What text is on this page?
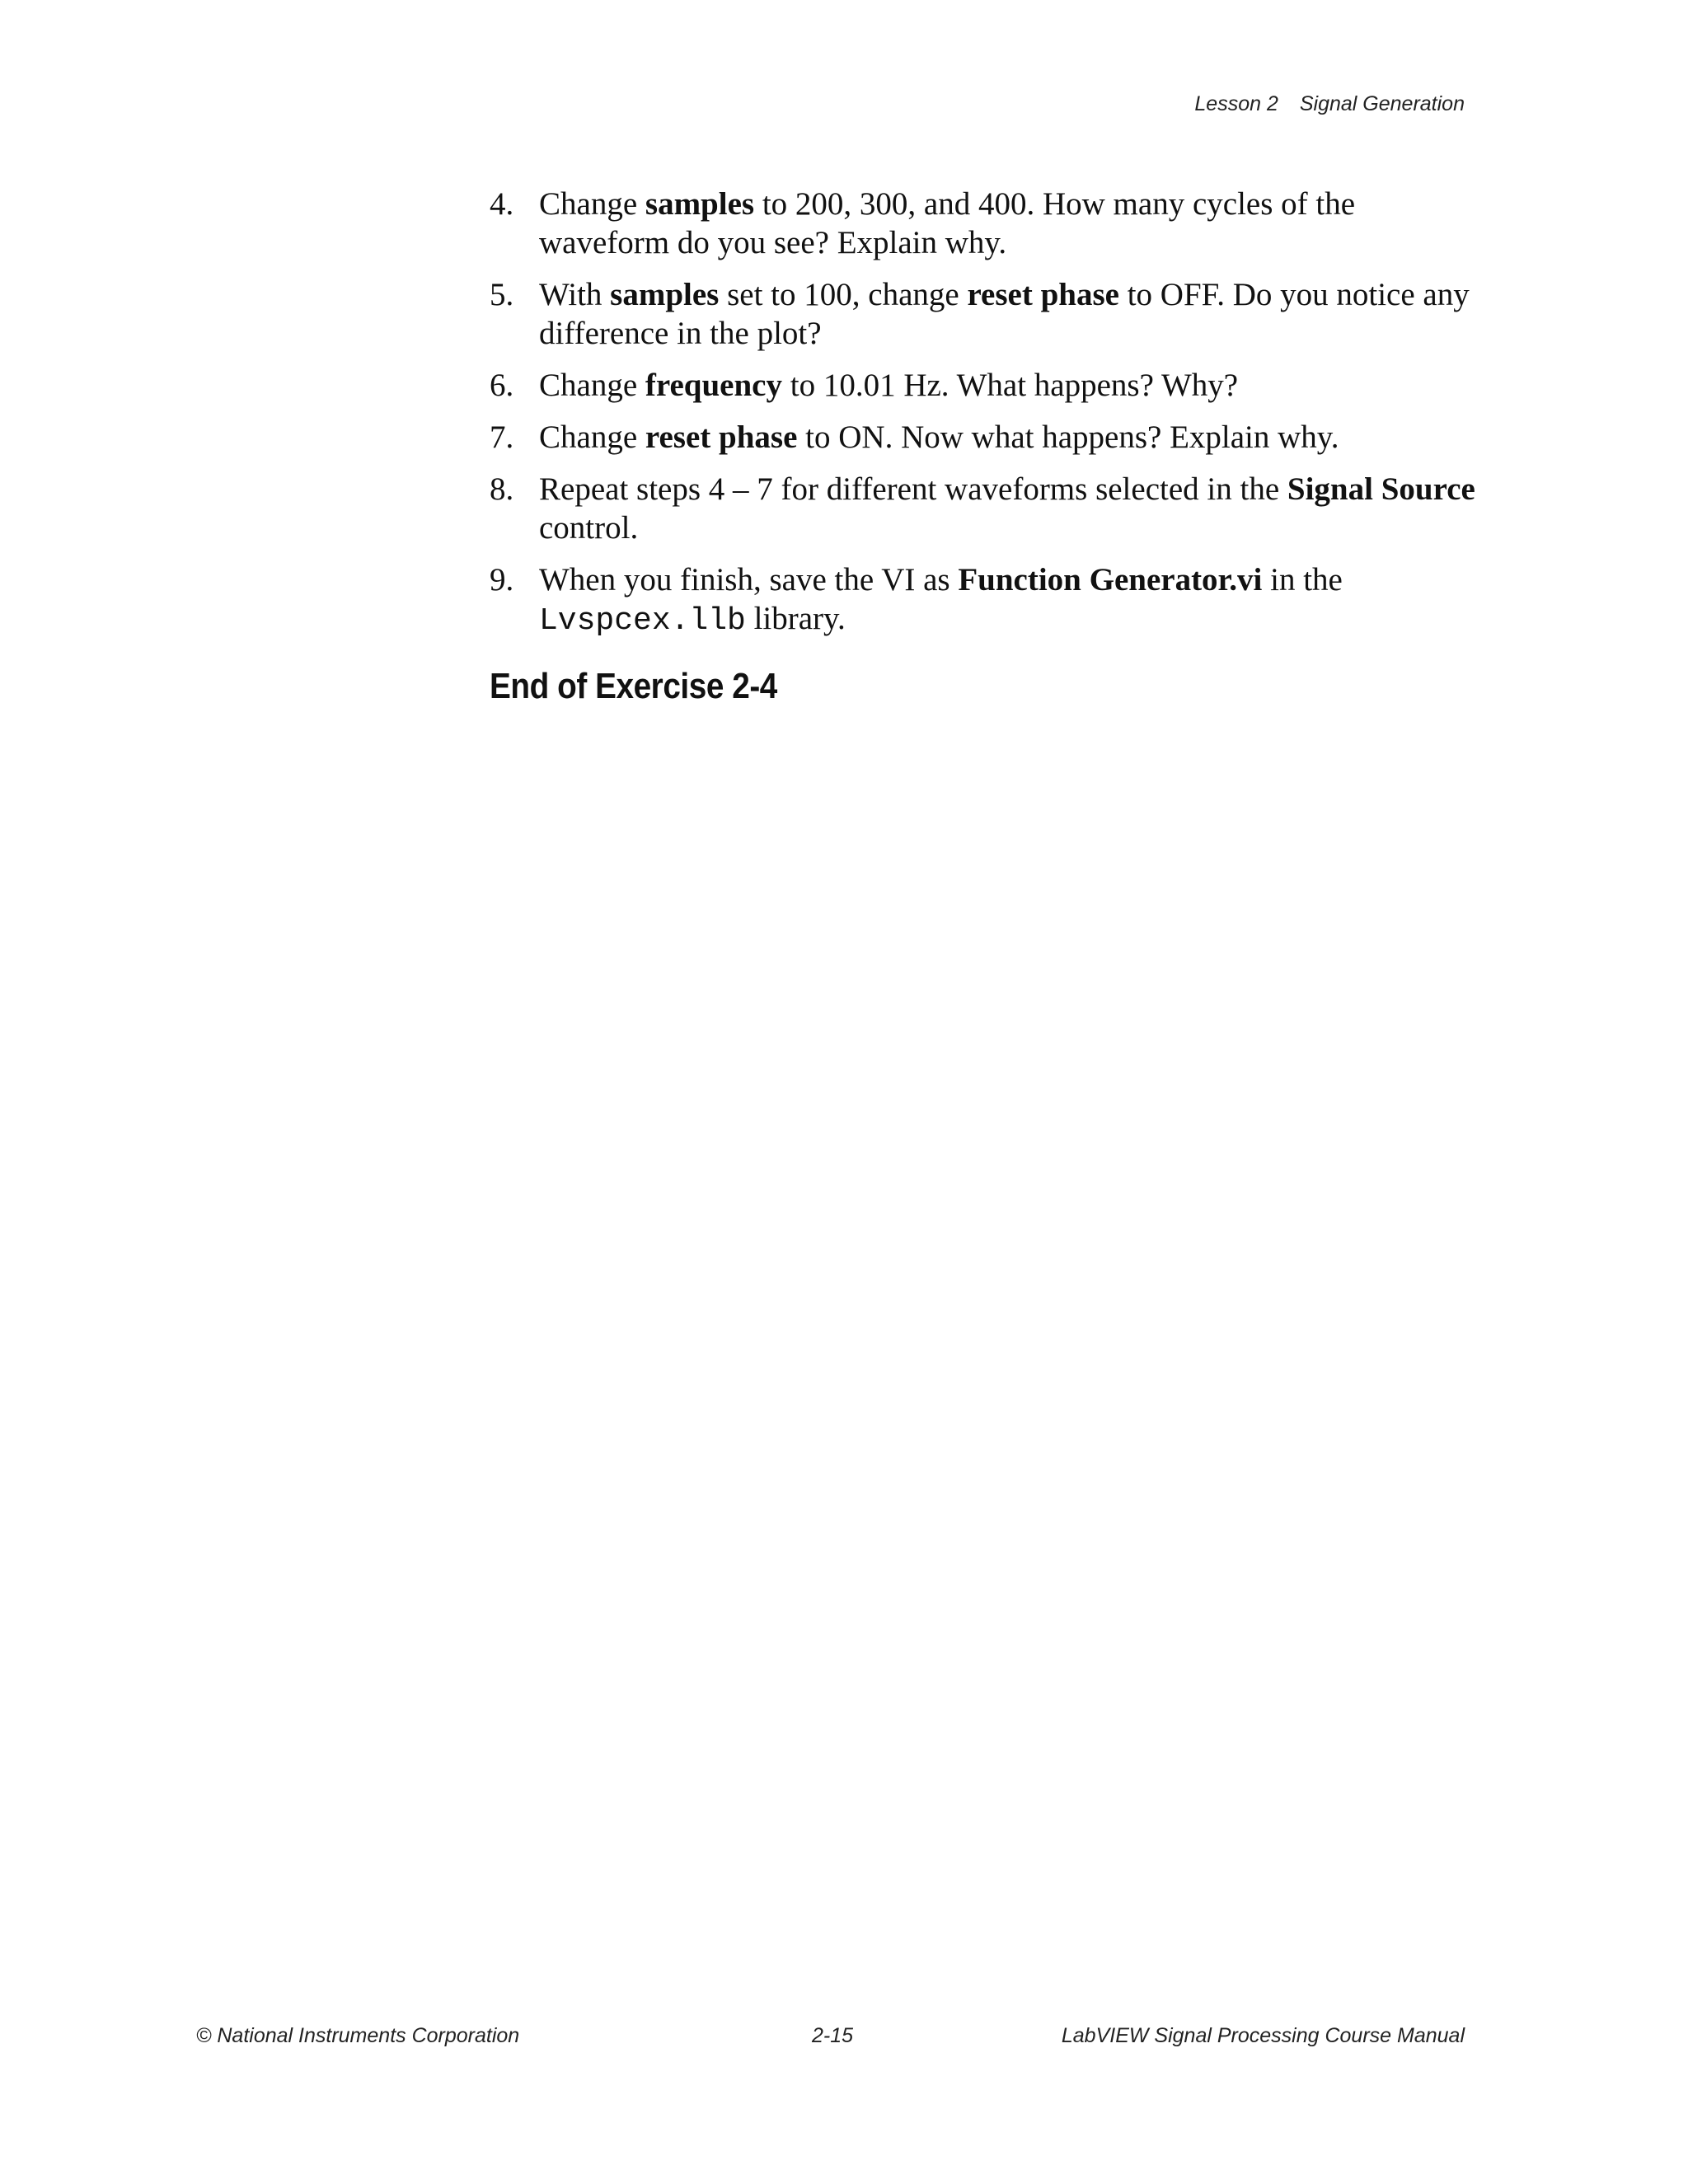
Lesson 2 Signal Generation
4. Change samples to 200, 300, and 400. How many cycles of the waveform do you see? Explain why.
5. With samples set to 100, change reset phase to OFF. Do you notice any difference in the plot?
6. Change frequency to 10.01 Hz. What happens? Why?
7. Change reset phase to ON. Now what happens? Explain why.
8. Repeat steps 4 – 7 for different waveforms selected in the Signal Source control.
9. When you finish, save the VI as Function Generator.vi in the Lvspcex.llb library.
End of Exercise 2-4
© National Instruments Corporation	2-15	LabVIEW Signal Processing Course Manual
